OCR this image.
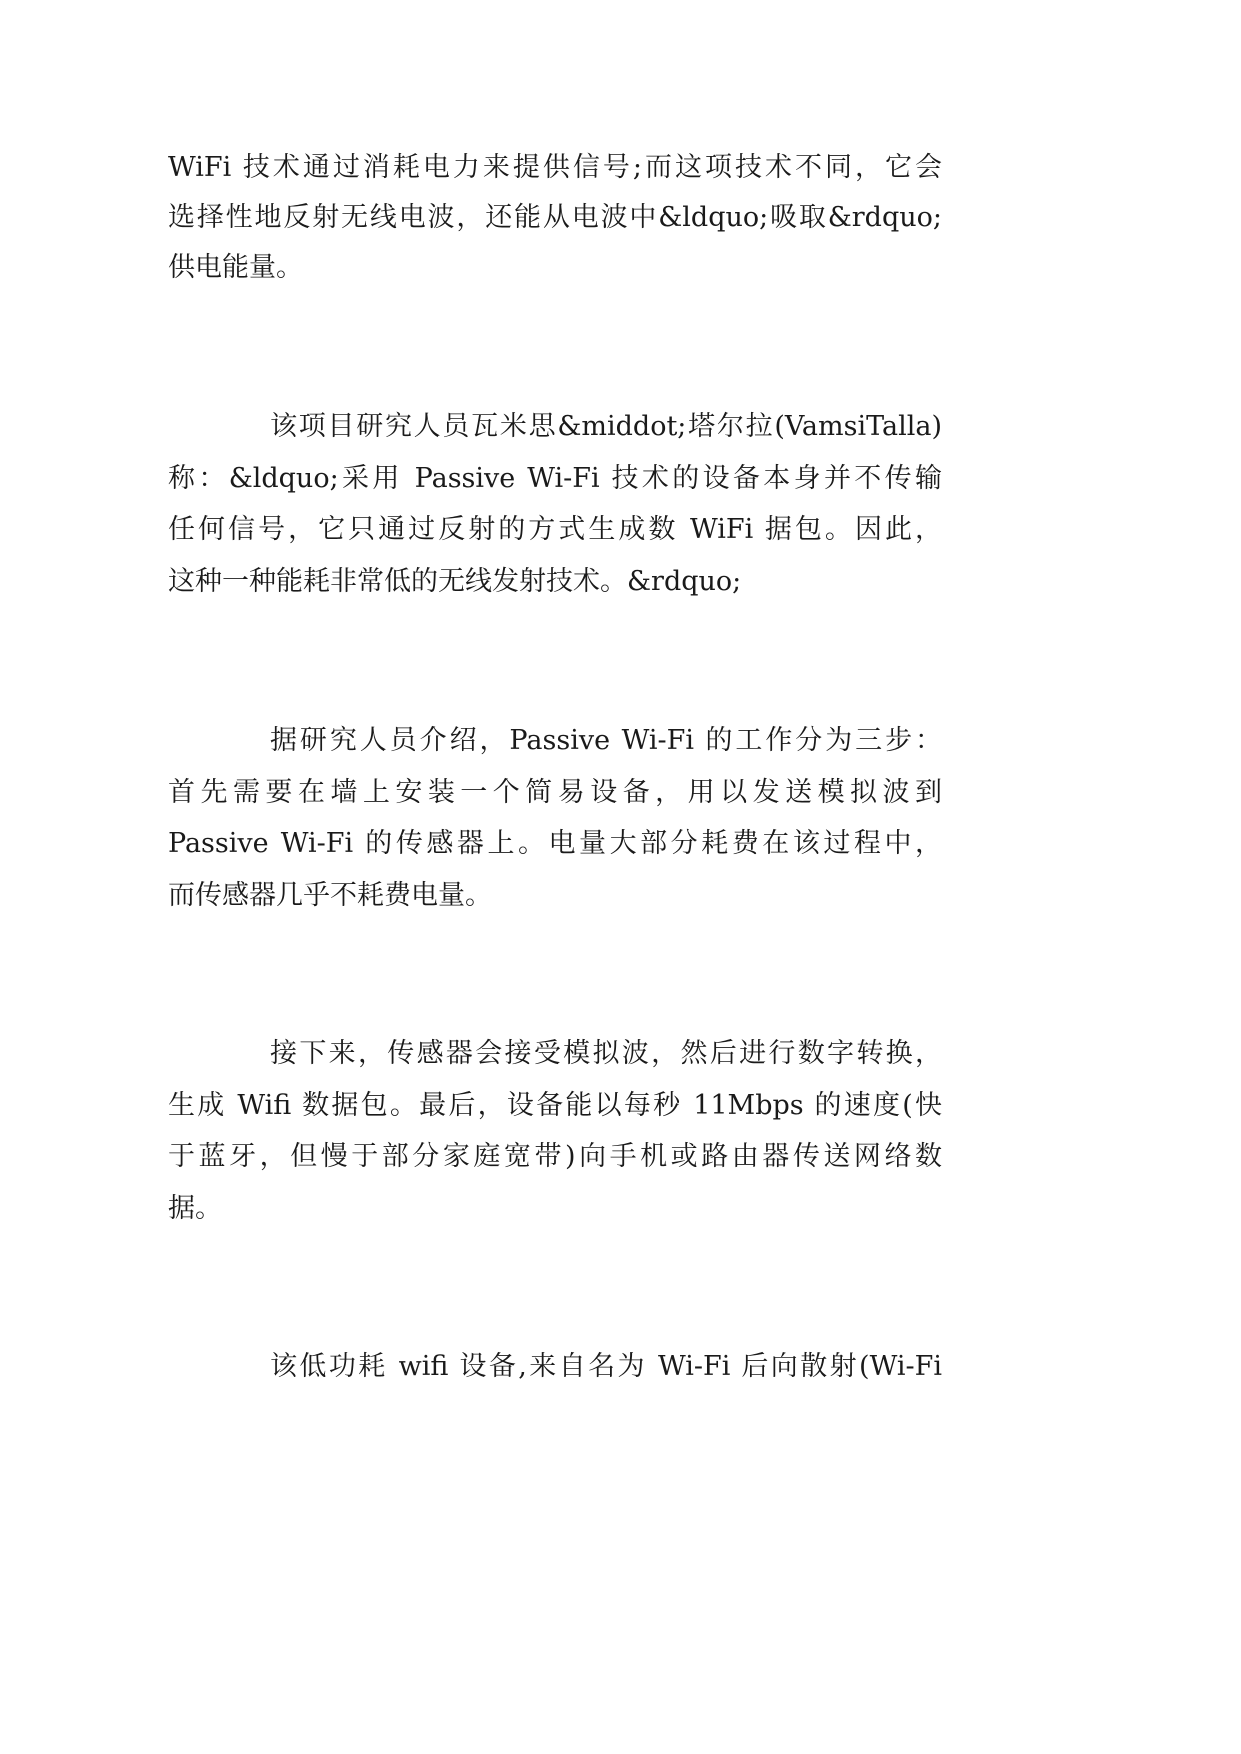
WiFi 技术通过消耗电力来提供信号;而这项技术不同，它会
选择性地反射无线电波，还能从电波中&ldquo;吸取&rdquo;
供电能量。
该项目研究人员瓦米思&middot;塔尔拉(VamsiTalla)
称：&ldquo;采用 Passive Wi-Fi 技术的设备本身并不传输
任何信号，它只通过反射的方式生成数 WiFi 据包。因此，
这种一种能耗非常低的无线发射技术。&rdquo;
据研究人员介绍，Passive Wi-Fi 的工作分为三步：
首先需要在墙上安装一个简易设备，用以发送模拟波到
Passive Wi-Fi 的传感器上。电量大部分耗费在该过程中，
而传感器几乎不耗费电量。
接下来，传感器会接受模拟波，然后进行数字转换，
生成 Wifi 数据包。最后，设备能以每秒 11Mbps 的速度(快
于蓝牙，但慢于部分家庭宽带)向手机或路由器传送网络数
据。
该低功耗 wifi 设备,来自名为 Wi-Fi 后向散射(Wi-Fi
